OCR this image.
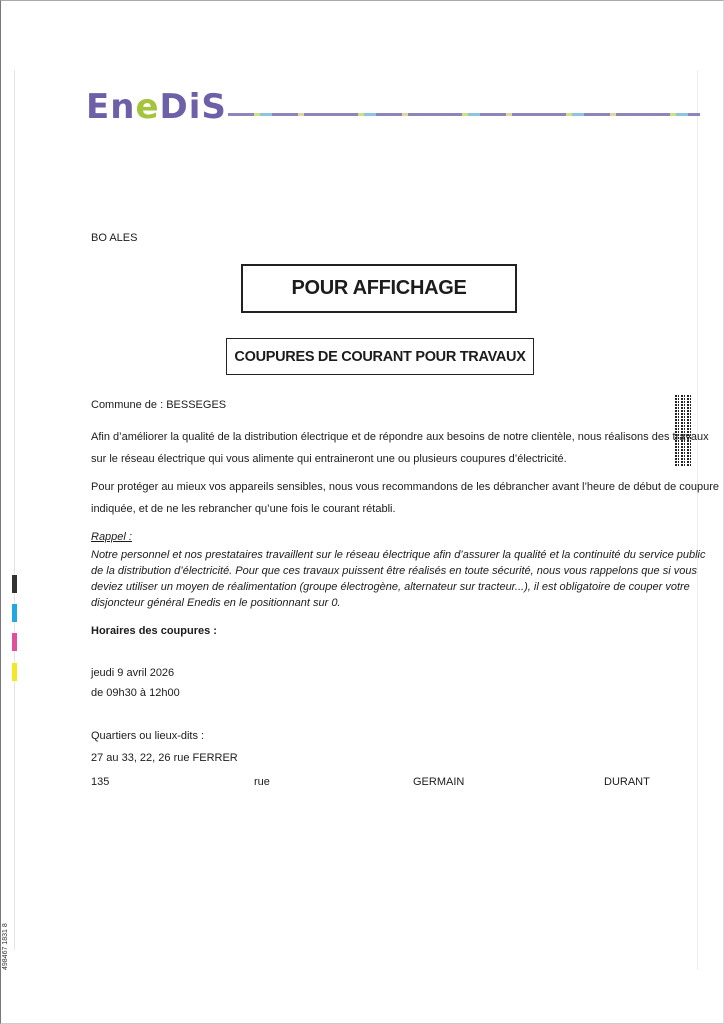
EneDiS
BO ALES
POUR AFFICHAGE
COUPURES DE COURANT POUR TRAVAUX
Commune de : BESSEGES
Afin d’améliorer la qualité de la distribution électrique et de répondre aux besoins de notre clientèle, nous réalisons des travaux
sur le réseau électrique qui vous alimente qui entraineront une ou plusieurs coupures d’électricité.
Pour protéger au mieux vos appareils sensibles, nous vous recommandons de les débrancher avant l’heure de début de coupure
indiquée, et de ne les rebrancher qu’une fois le courant rétabli.
Rappel :
Notre personnel et nos prestataires travaillent sur le réseau électrique afin d’assurer la qualité et la continuité du service public
de la distribution d’électricité. Pour que ces travaux puissent être réalisés en toute sécurité, nous vous rappelons que si vous
deviez utiliser un moyen de réalimentation (groupe électrogène, alternateur sur tracteur...), il est obligatoire de couper votre
disjoncteur général Enedis en le positionnant sur 0.
Horaires des coupures :
jeudi 9 avril 2026
de 09h30 à 12h00
Quartiers ou lieux-dits :
27 au 33, 22, 26 rue FERRER
135	rue	GERMAIN	DURANT
498467 1831 8
